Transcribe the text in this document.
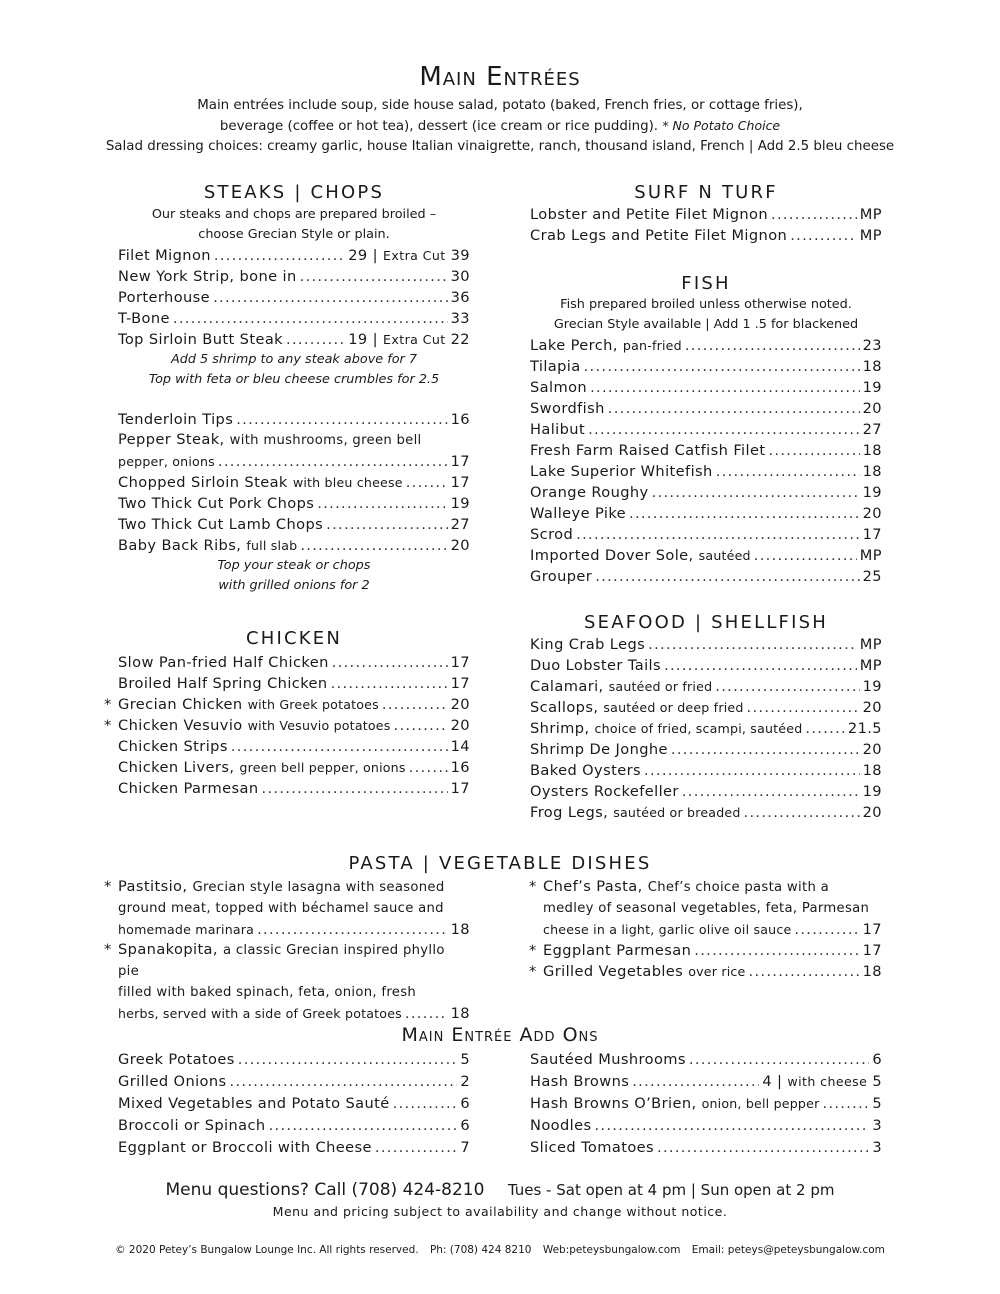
Main Entrées
Main entrées include soup, side house salad, potato (baked, French fries, or cottage fries),
beverage (coffee or hot tea), dessert (ice cream or rice pudding). * No Potato Choice
Salad dressing choices: creamy garlic, house Italian vinaigrette, ranch, thousand island, French | Add 2.5 bleu cheese
STEAKS | CHOPS
Our steaks and chops are prepared broiled –
choose Grecian Style or plain.
Filet Mignon .....	29 | Extra Cut 39
New York Strip, bone in .....	30
Porterhouse .....	36
T-Bone .....	33
Top Sirloin Butt Steak .....	19 | Extra Cut 22
Add 5 shrimp to any steak above for 7
Top with feta or bleu cheese crumbles for 2.5
Tenderloin Tips .....	16
Pepper Steak, with mushrooms, green bell
pepper, onions .....	17
Chopped Sirloin Steak with bleu cheese .....	17
Two Thick Cut Pork Chops .....	19
Two Thick Cut Lamb Chops .....	27
Baby Back Ribs, full slab .....	20
Top your steak or chops
with grilled onions for 2
CHICKEN
Slow Pan-fried Half Chicken .....	17
Broiled Half Spring Chicken .....	17
* Grecian Chicken with Greek potatoes .....	20
* Chicken Vesuvio with Vesuvio potatoes .....	20
Chicken Strips .....	14
Chicken Livers, green bell pepper, onions .....	16
Chicken Parmesan .....	17
SURF N TURF
Lobster and Petite Filet Mignon .....	MP
Crab Legs and Petite Filet Mignon .....	MP
FISH
Fish prepared broiled unless otherwise noted.
Grecian Style available | Add 1 .5 for blackened
Lake Perch, pan-fried .....	23
Tilapia .....	18
Salmon .....	19
Swordfish .....	20
Halibut .....	27
Fresh Farm Raised Catfish Filet .....	18
Lake Superior Whitefish .....	18
Orange Roughy .....	19
Walleye Pike .....	20
Scrod .....	17
Imported Dover Sole, sautéed .....	MP
Grouper .....	25
SEAFOOD | SHELLFISH
King Crab Legs .....	MP
Duo Lobster Tails .....	MP
Calamari, sautéed or fried .....	19
Scallops, sautéed or deep fried .....	20
Shrimp, choice of fried, scampi, sautéed .....	21.5
Shrimp De Jonghe .....	20
Baked Oysters .....	18
Oysters Rockefeller .....	19
Frog Legs, sautéed or breaded .....	20
PASTA | VEGETABLE DISHES
* Pastitsio, Grecian style lasagna with seasoned
ground meat, topped with béchamel sauce and
homemade marinara .....	18
* Spanakopita, a classic Grecian inspired phyllo pie
filled with baked spinach, feta, onion, fresh
herbs, served with a side of Greek potatoes .....	18
* Chef’s Pasta, Chef’s choice pasta with a
medley of seasonal vegetables, feta, Parmesan
cheese in a light, garlic olive oil sauce .....	17
* Eggplant Parmesan .....	17
* Grilled Vegetables over rice .....	18
Main Entrée Add Ons
Greek Potatoes .....	5
Grilled Onions .....	2
Mixed Vegetables and Potato Sauté .....	6
Broccoli or Spinach .....	6
Eggplant or Broccoli with Cheese .....	7
Sautéed Mushrooms .....	6
Hash Browns .....	4 | with cheese 5
Hash Browns O’Brien, onion, bell pepper .....	5
Noodles .....	3
Sliced Tomatoes .....	3
Menu questions? Call (708) 424-8210 Tues - Sat open at 4 pm | Sun open at 2 pm
Menu and pricing subject to availability and change without notice.
© 2020 Petey’s Bungalow Lounge Inc. All rights reserved. Ph: (708) 424 8210 Web:peteysbungalow.com Email: peteys@peteysbungalow.com
